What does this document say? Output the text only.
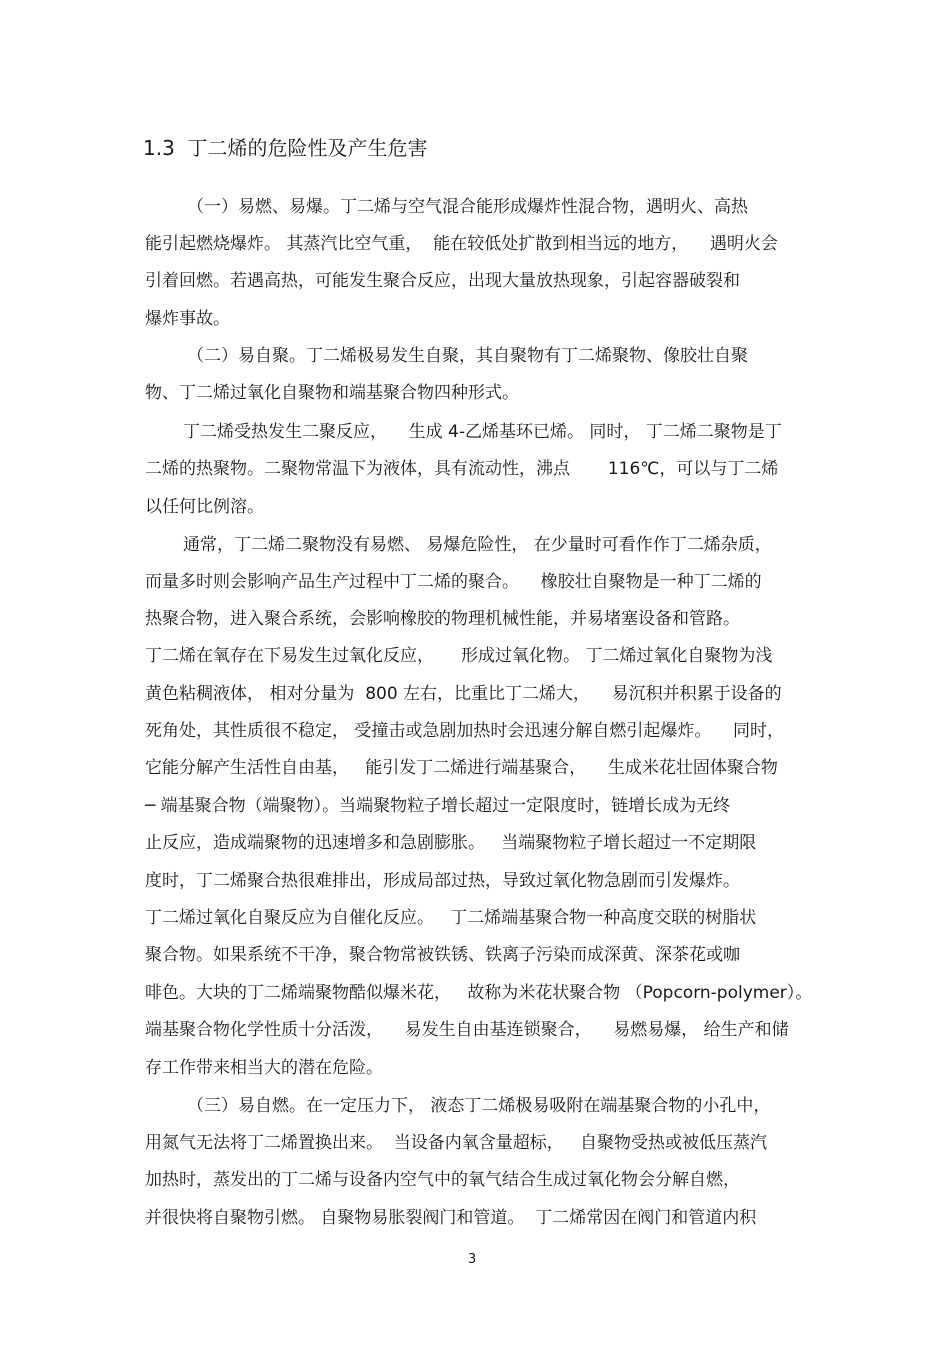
1.3  丁二烯的危险性及产生危害
（一）易燃、易爆。丁二烯与空气混合能形成爆炸性混合物，遇明火、高热
能引起燃烧爆炸。 其蒸汽比空气重，  能在较低处扩散到相当远的地方，    遇明火会
引着回燃。若遇高热，可能发生聚合反应，出现大量放热现象，引起容器破裂和
爆炸事故。
（二）易自聚。丁二烯极易发生自聚，其自聚物有丁二烯聚物、像胶壮自聚
物、丁二烯过氧化自聚物和端基聚合物四种形式。
丁二烯受热发生二聚反应，    生成 4-乙烯基环已烯。 同时， 丁二烯二聚物是丁
二烯的热聚物。二聚物常温下为液体，具有流动性，沸点       116℃，可以与丁二烯
以任何比例溶。
通常，丁二烯二聚物没有易燃、 易爆危险性， 在少量时可看作作丁二烯杂质，
而量多时则会影响产品生产过程中丁二烯的聚合。    橡胶壮自聚物是一种丁二烯的
热聚合物，进入聚合系统，会影响橡胶的物理机械性能，并易堵塞设备和管路。
丁二烯在氧存在下易发生过氧化反应，     形成过氧化物。 丁二烯过氧化自聚物为浅
黄色粘稠液体， 相对分量为  800 左右，比重比丁二烯大，    易沉积并积累于设备的
死角处，其性质很不稳定， 受撞击或急剧加热时会迅速分解自燃引起爆炸。    同时，
它能分解产生活性自由基，   能引发丁二烯进行端基聚合，    生成米花壮固体聚合物
─ 端基聚合物（端聚物）。当端聚物粒子增长超过一定限度时，链增长成为无终
止反应，造成端聚物的迅速增多和急剧膨胀。   当端聚物粒子增长超过一不定期限
度时，丁二烯聚合热很难排出，形成局部过热，导致过氧化物急剧而引发爆炸。
丁二烯过氧化自聚反应为自催化反应。   丁二烯端基聚合物一种高度交联的树脂状
聚合物。如果系统不干净，聚合物常被铁锈、铁离子污染而成深黄、深茶花或咖
啡色。大块的丁二烯端聚物酷似爆米花，   故称为米花状聚合物 （Popcorn-polymer）。
端基聚合物化学性质十分活泼，    易发生自由基连锁聚合，    易燃易爆， 给生产和储
存工作带来相当大的潜在危险。
（三）易自燃。在一定压力下， 液态丁二烯极易吸附在端基聚合物的小孔中，
用氮气无法将丁二烯置换出来。  当设备内氧含量超标，   自聚物受热或被低压蒸汽
加热时，蒸发出的丁二烯与设备内空气中的氧气结合生成过氧化物会分解自燃，
并很快将自聚物引燃。 自聚物易胀裂阀门和管道。  丁二烯常因在阀门和管道内积
3
